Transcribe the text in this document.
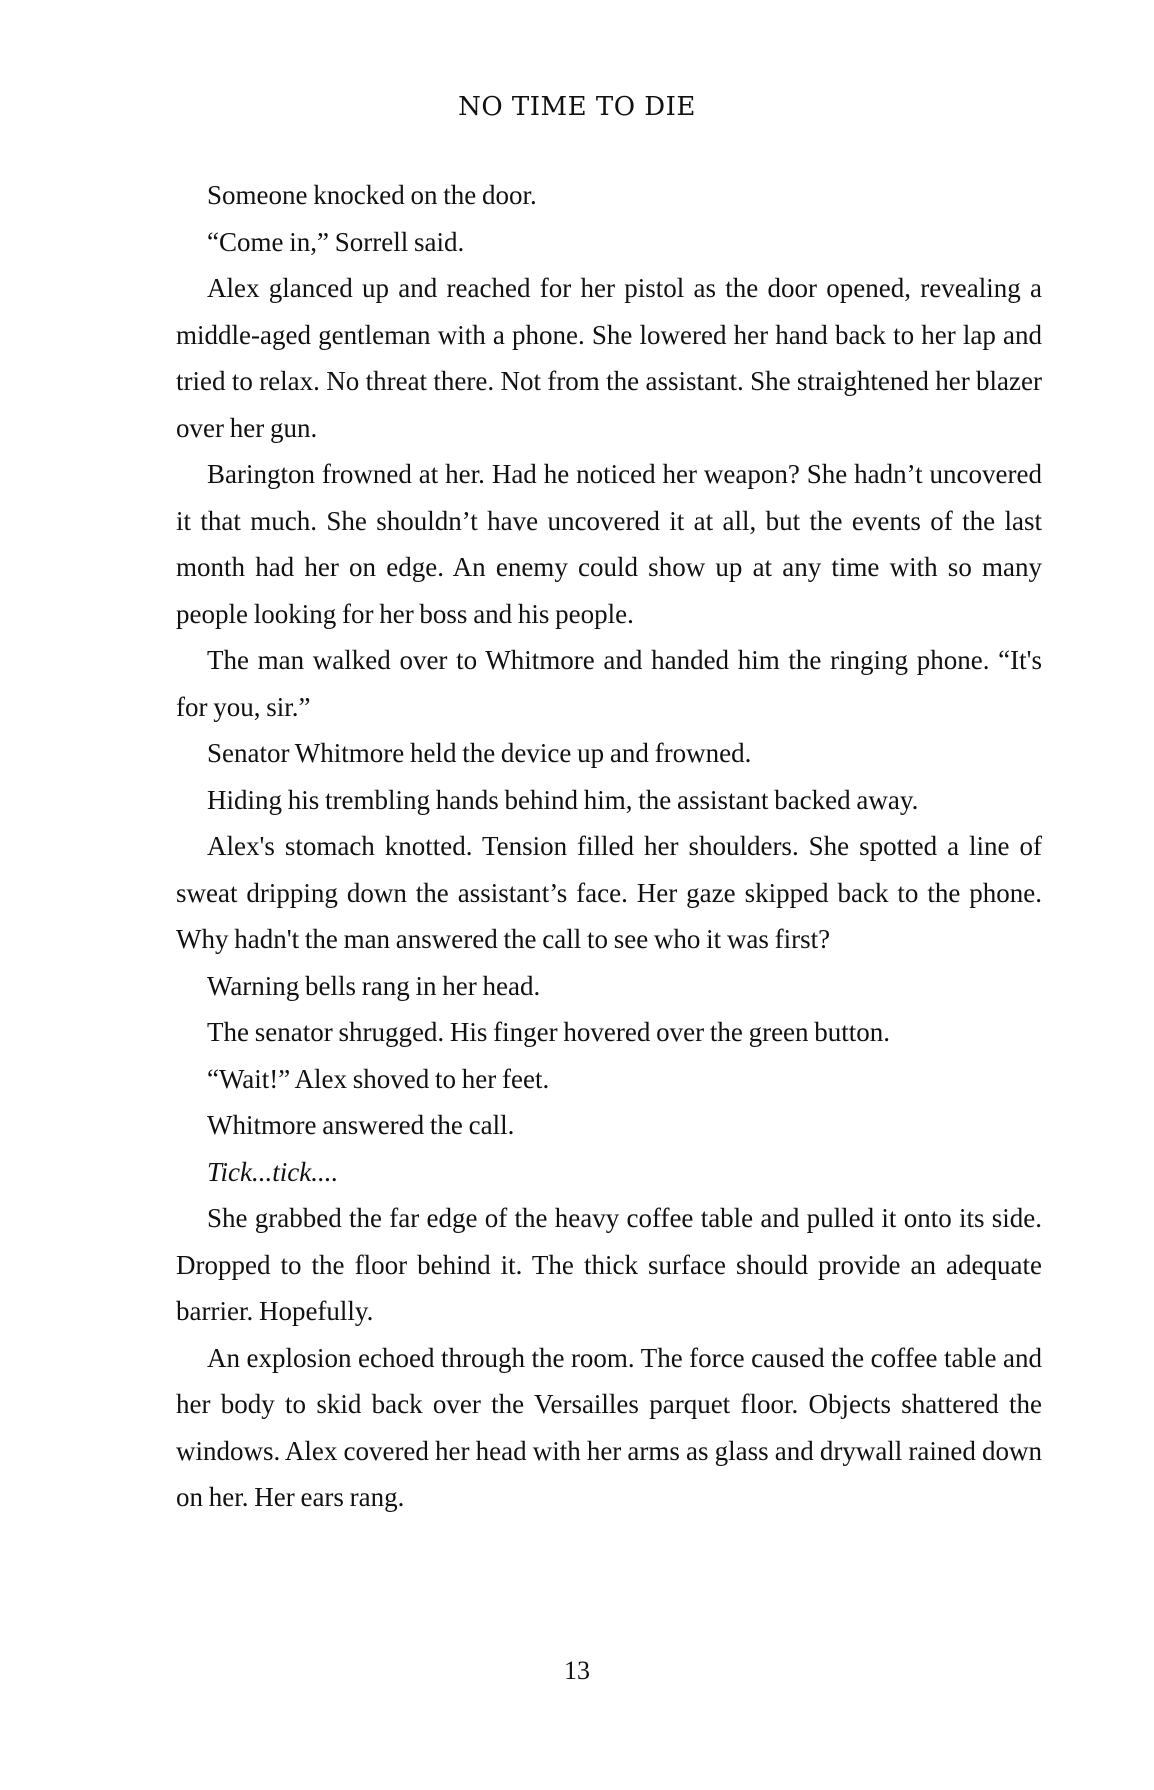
NO TIME TO DIE

Someone knocked on the door.

“Come in,” Sorrell said.

Alex glanced up and reached for her pistol as the door opened, revealing a middle-aged gentleman with a phone. She lowered her hand back to her lap and tried to relax. No threat there. Not from the assistant. She straightened her blazer over her gun.

Barington frowned at her. Had he noticed her weapon? She hadn’t uncovered it that much. She shouldn’t have uncovered it at all, but the events of the last month had her on edge. An enemy could show up at any time with so many people looking for her boss and his people.

The man walked over to Whitmore and handed him the ringing phone. “It's for you, sir.”

Senator Whitmore held the device up and frowned.

Hiding his trembling hands behind him, the assistant backed away.

Alex's stomach knotted. Tension filled her shoulders. She spotted a line of sweat dripping down the assistant’s face. Her gaze skipped back to the phone. Why hadn't the man answered the call to see who it was first?

Warning bells rang in her head.

The senator shrugged. His finger hovered over the green button.

“Wait!” Alex shoved to her feet.

Whitmore answered the call.

Tick...tick....

She grabbed the far edge of the heavy coffee table and pulled it onto its side. Dropped to the floor behind it. The thick surface should provide an adequate barrier. Hopefully.

An explosion echoed through the room. The force caused the coffee table and her body to skid back over the Versailles parquet floor. Objects shattered the windows. Alex covered her head with her arms as glass and drywall rained down on her. Her ears rang.

13
